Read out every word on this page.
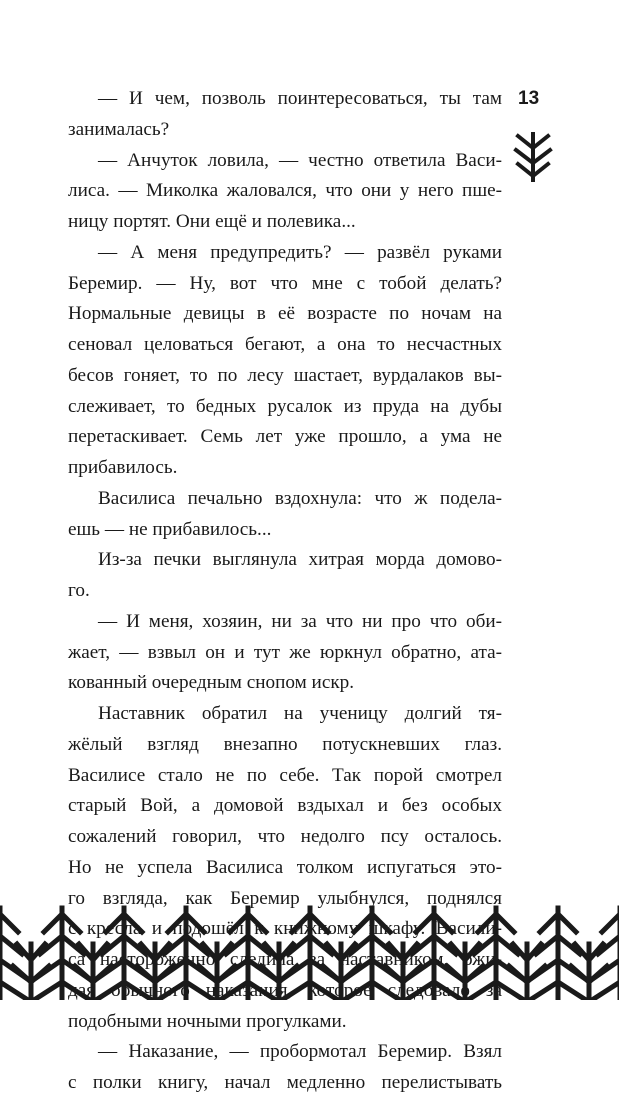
13
— И чем, позволь поинтересоваться, ты там
занималась?
— Анчуток ловила, — честно ответила Васи-
лиса. — Миколка жаловался, что они у него пше-
ницу портят. Они ещё и полевика...
— А меня предупредить? — развёл руками
Беремир. — Ну, вот что мне с тобой делать?
Нормальные девицы в её возрасте по ночам на
сеновал целоваться бегают, а она то несчастных
бесов гоняет, то по лесу шастает, вурдалаков вы-
слеживает, то бедных русалок из пруда на дубы
перетаскивает. Семь лет уже прошло, а ума не
прибавилось.
Василиса печально вздохнула: что ж подела-
ешь — не прибавилось...
Из-за печки выглянула хитрая морда домово-
го.
— И меня, хозяин, ни за что ни про что оби-
жает, — взвыл он и тут же юркнул обратно, ата-
кованный очередным снопом искр.
Наставник обратил на ученицу долгий тя-
жёлый взгляд внезапно потускневших глаз.
Василисе стало не по себе. Так порой смотрел
старый Вой, а домовой вздыхал и без особых
сожалений говорил, что недолго псу осталось.
Но не успела Василиса толком испугаться это-
го взгляда, как Беремир улыбнулся, поднялся
с кресла и подошёл к книжному шкафу. Васили-
са настороженно следила за наставником, ожи-
дая обычного наказания, которое следовало за
подобными ночными прогулками.
— Наказание, — пробормотал Беремир. Взял
с полки книгу, начал медленно перелистывать
